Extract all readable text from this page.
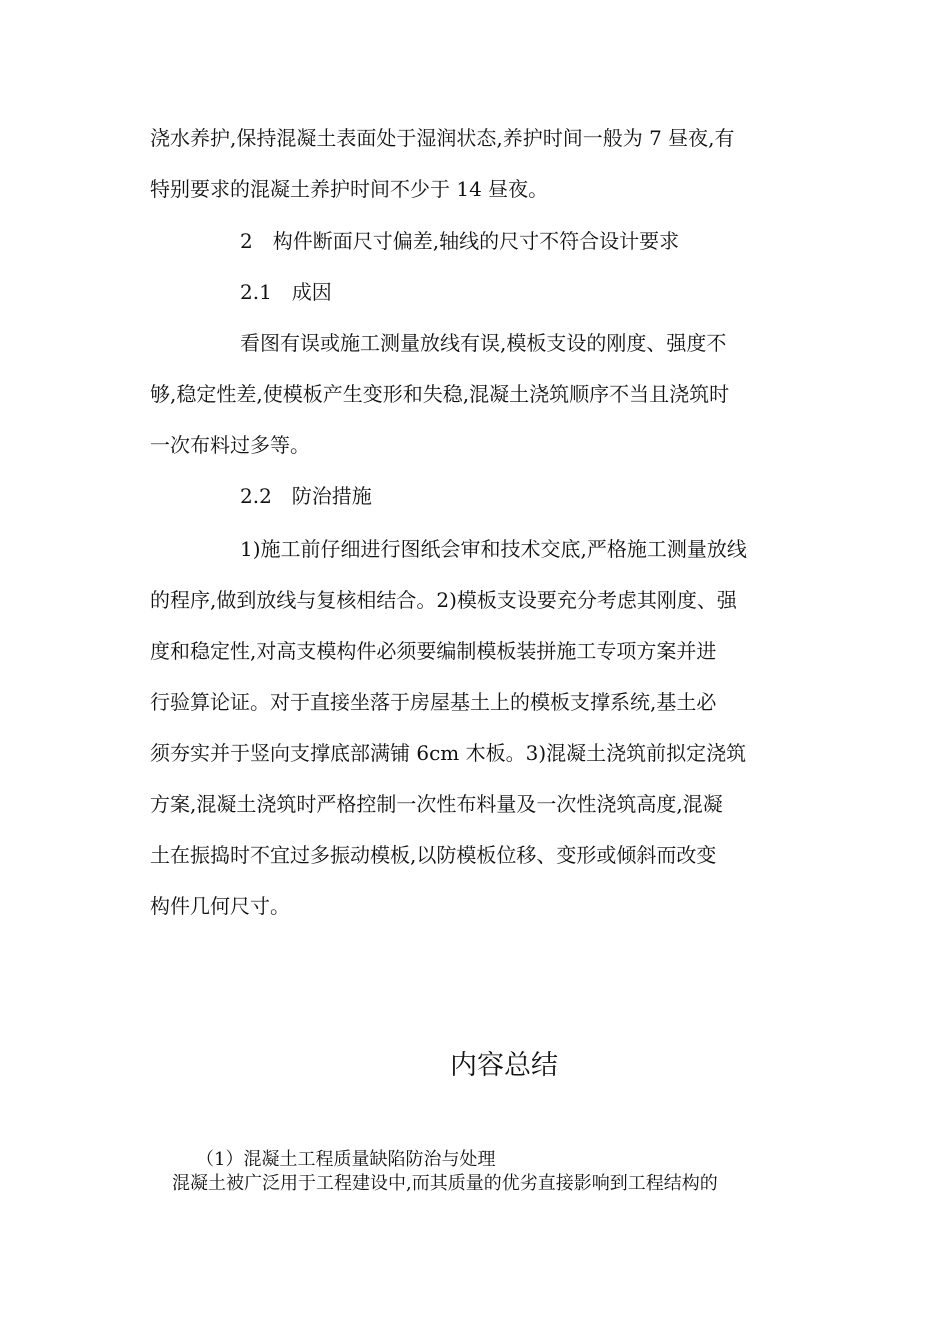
浇水养护,保持混凝土表面处于湿润状态,养护时间一般为 7 昼夜,有
特别要求的混凝土养护时间不少于 14 昼夜。
2　构件断面尺寸偏差,轴线的尺寸不符合设计要求
2.1　成因
看图有误或施工测量放线有误,模板支设的刚度、强度不
够,稳定性差,使模板产生变形和失稳,混凝土浇筑顺序不当且浇筑时
一次布料过多等。
2.2　防治措施
1)施工前仔细进行图纸会审和技术交底,严格施工测量放线
的程序,做到放线与复核相结合。2)模板支设要充分考虑其刚度、强
度和稳定性,对高支模构件必须要编制模板装拼施工专项方案并进
行验算论证。对于直接坐落于房屋基土上的模板支撑系统,基土必
须夯实并于竖向支撑底部满铺 6cm 木板。3)混凝土浇筑前拟定浇筑
方案,混凝土浇筑时严格控制一次性布料量及一次性浇筑高度,混凝
土在振捣时不宜过多振动模板,以防模板位移、变形或倾斜而改变
构件几何尺寸。
内容总结
（1）混凝土工程质量缺陷防治与处理
混凝土被广泛用于工程建设中,而其质量的优劣直接影响到工程结构的
